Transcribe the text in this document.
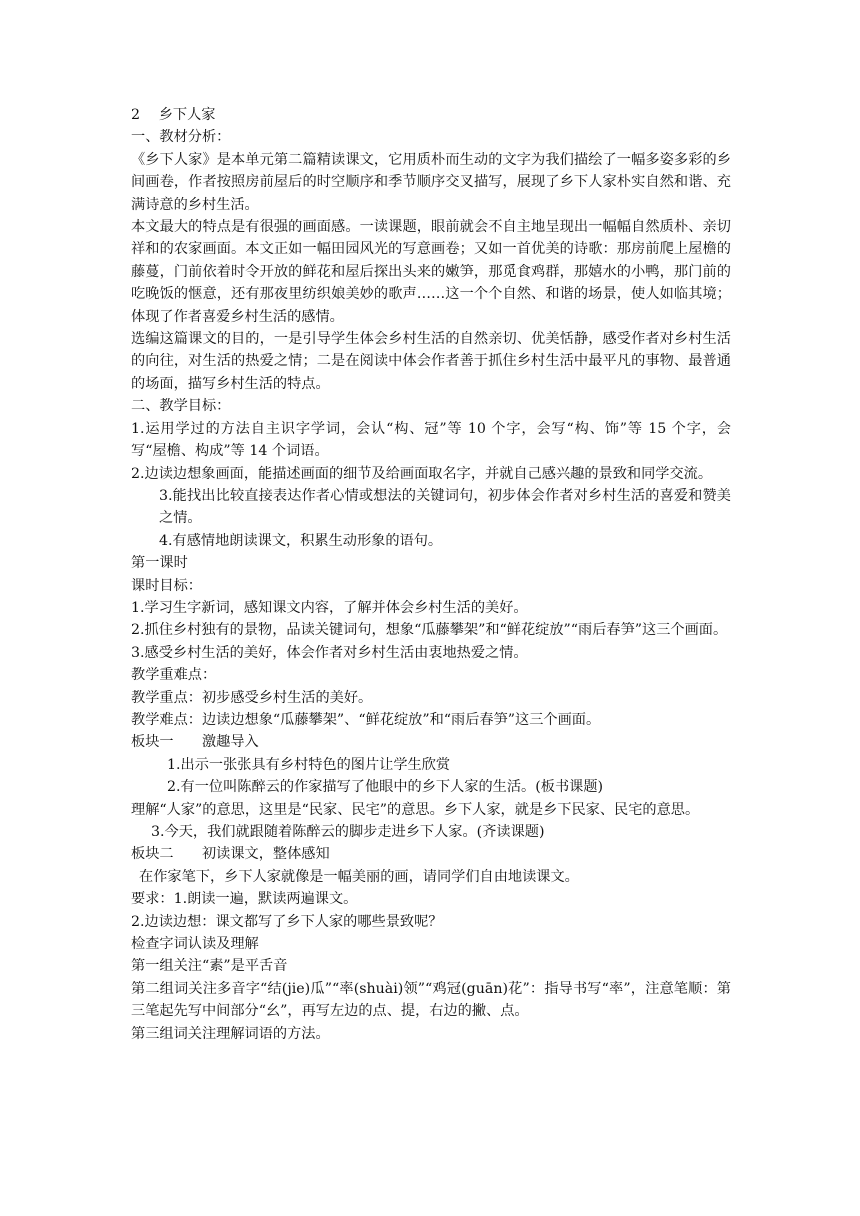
2　 乡下人家

一、教材分析：

《乡下人家》是本单元第二篇精读课文，它用质朴而生动的文字为我们描绘了一幅多姿多彩的乡间画卷，作者按照房前屋后的时空顺序和季节顺序交叉描写，展现了乡下人家朴实自然和谐、充满诗意的乡村生活。

本文最大的特点是有很强的画面感。一读课题，眼前就会不自主地呈现出一幅幅自然质朴、亲切祥和的农家画面。本文正如一幅田园风光的写意画卷；又如一首优美的诗歌：那房前爬上屋檐的藤蔓，门前依着时令开放的鲜花和屋后探出头来的嫩笋，那觅食鸡群，那嬉水的小鸭，那门前的吃晚饭的惬意，还有那夜里纺织娘美妙的歌声……这一个个自然、和谐的场景，使人如临其境；体现了作者喜爱乡村生活的感情。

选编这篇课文的目的，一是引导学生体会乡村生活的自然亲切、优美恬静，感受作者对乡村生活的向往，对生活的热爱之情；二是在阅读中体会作者善于抓住乡村生活中最平凡的事物、最普通的场面，描写乡村生活的特点。

二、教学目标：

1.运用学过的方法自主识字学词，会认“构、冠”等 10 个字，会写“构、饰”等 15 个字，会写“屋檐、构成”等 14 个词语。

2.边读边想象画面，能描述画面的细节及给画面取名字，并就自己感兴趣的景致和同学交流。

3.能找出比较直接表达作者心情或想法的关键词句，初步体会作者对乡村生活的喜爱和赞美之情。

4.有感情地朗读课文，积累生动形象的语句。

第一课时

课时目标：

1.学习生字新词，感知课文内容，了解并体会乡村生活的美好。

2.抓住乡村独有的景物，品读关键词句，想象“瓜藤攀架”和“鲜花绽放”“雨后春笋”这三个画面。

3.感受乡村生活的美好，体会作者对乡村生活由衷地热爱之情。

教学重难点：

教学重点：初步感受乡村生活的美好。

教学难点：边读边想象“瓜藤攀架”、“鲜花绽放”和“雨后春笋”这三个画面。

板块一　　激趣导入

1.出示一张张具有乡村特色的图片让学生欣赏

2.有一位叫陈醉云的作家描写了他眼中的乡下人家的生活。(板书课题)

理解“人家”的意思，这里是“民家、民宅”的意思。乡下人家，就是乡下民家、民宅的意思。

3.今天，我们就跟随着陈醉云的脚步走进乡下人家。(齐读课题)

板块二　　初读课文，整体感知

在作家笔下，乡下人家就像是一幅美丽的画，请同学们自由地读课文。

要求：1.朗读一遍，默读两遍课文。

2.边读边想：课文都写了乡下人家的哪些景致呢？

检查字词认读及理解

第一组关注“素”是平舌音

第二组词关注多音字“结(jie)瓜”“率(shuài)领”“鸡冠(guān)花”：指导书写“率”，注意笔顺：第三笔起先写中间部分“幺”，再写左边的点、提，右边的撇、点。

第三组词关注理解词语的方法。
